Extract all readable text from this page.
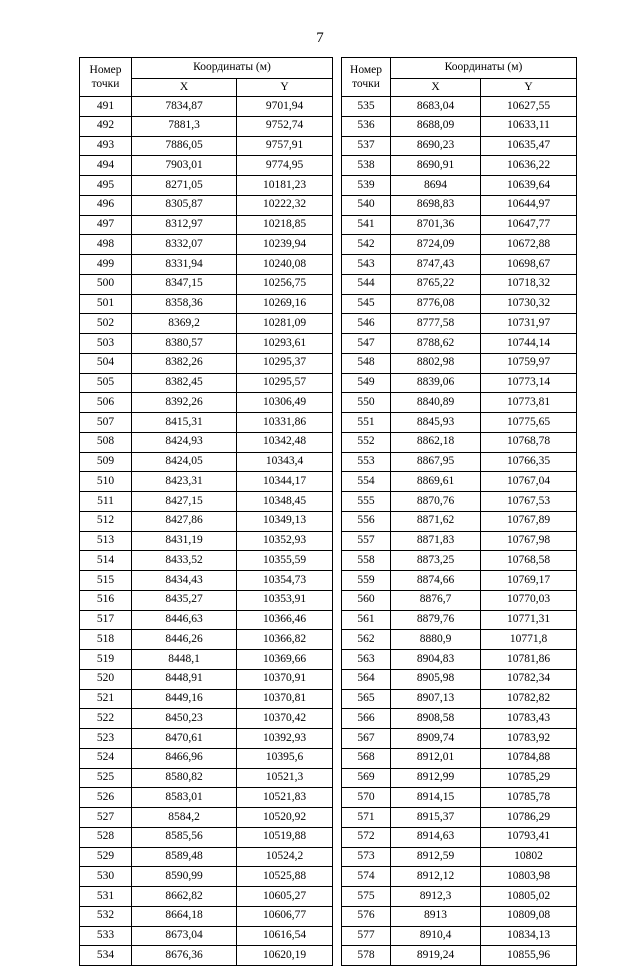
7
Номер точки	Координаты (м)	
	X	Y
491	7834,87	9701,94
492	7881,3	9752,74
493	7886,05	9757,91
494	7903,01	9774,95
495	8271,05	10181,23
496	8305,87	10222,32
497	8312,97	10218,85
498	8332,07	10239,94
499	8331,94	10240,08
500	8347,15	10256,75
501	8358,36	10269,16
502	8369,2	10281,09
503	8380,57	10293,61
504	8382,26	10295,37
505	8382,45	10295,57
506	8392,26	10306,49
507	8415,31	10331,86
508	8424,93	10342,48
509	8424,05	10343,4
510	8423,31	10344,17
511	8427,15	10348,45
512	8427,86	10349,13
513	8431,19	10352,93
514	8433,52	10355,59
515	8434,43	10354,73
516	8435,27	10353,91
517	8446,63	10366,46
518	8446,26	10366,82
519	8448,1	10369,66
520	8448,91	10370,91
521	8449,16	10370,81
522	8450,23	10370,42
523	8470,61	10392,93
524	8466,96	10395,6
525	8580,82	10521,3
526	8583,01	10521,83
527	8584,2	10520,92
528	8585,56	10519,88
529	8589,48	10524,2
530	8590,99	10525,88
531	8662,82	10605,27
532	8664,18	10606,77
533	8673,04	10616,54
534	8676,36	10620,19
Номер точки	Координаты (м)	
	X	Y
535	8683,04	10627,55
536	8688,09	10633,11
537	8690,23	10635,47
538	8690,91	10636,22
539	8694	10639,64
540	8698,83	10644,97
541	8701,36	10647,77
542	8724,09	10672,88
543	8747,43	10698,67
544	8765,22	10718,32
545	8776,08	10730,32
546	8777,58	10731,97
547	8788,62	10744,14
548	8802,98	10759,97
549	8839,06	10773,14
550	8840,89	10773,81
551	8845,93	10775,65
552	8862,18	10768,78
553	8867,95	10766,35
554	8869,61	10767,04
555	8870,76	10767,53
556	8871,62	10767,89
557	8871,83	10767,98
558	8873,25	10768,58
559	8874,66	10769,17
560	8876,7	10770,03
561	8879,76	10771,31
562	8880,9	10771,8
563	8904,83	10781,86
564	8905,98	10782,34
565	8907,13	10782,82
566	8908,58	10783,43
567	8909,74	10783,92
568	8912,01	10784,88
569	8912,99	10785,29
570	8914,15	10785,78
571	8915,37	10786,29
572	8914,63	10793,41
573	8912,59	10802
574	8912,12	10803,98
575	8912,3	10805,02
576	8913	10809,08
577	8910,4	10834,13
578	8919,24	10855,96
